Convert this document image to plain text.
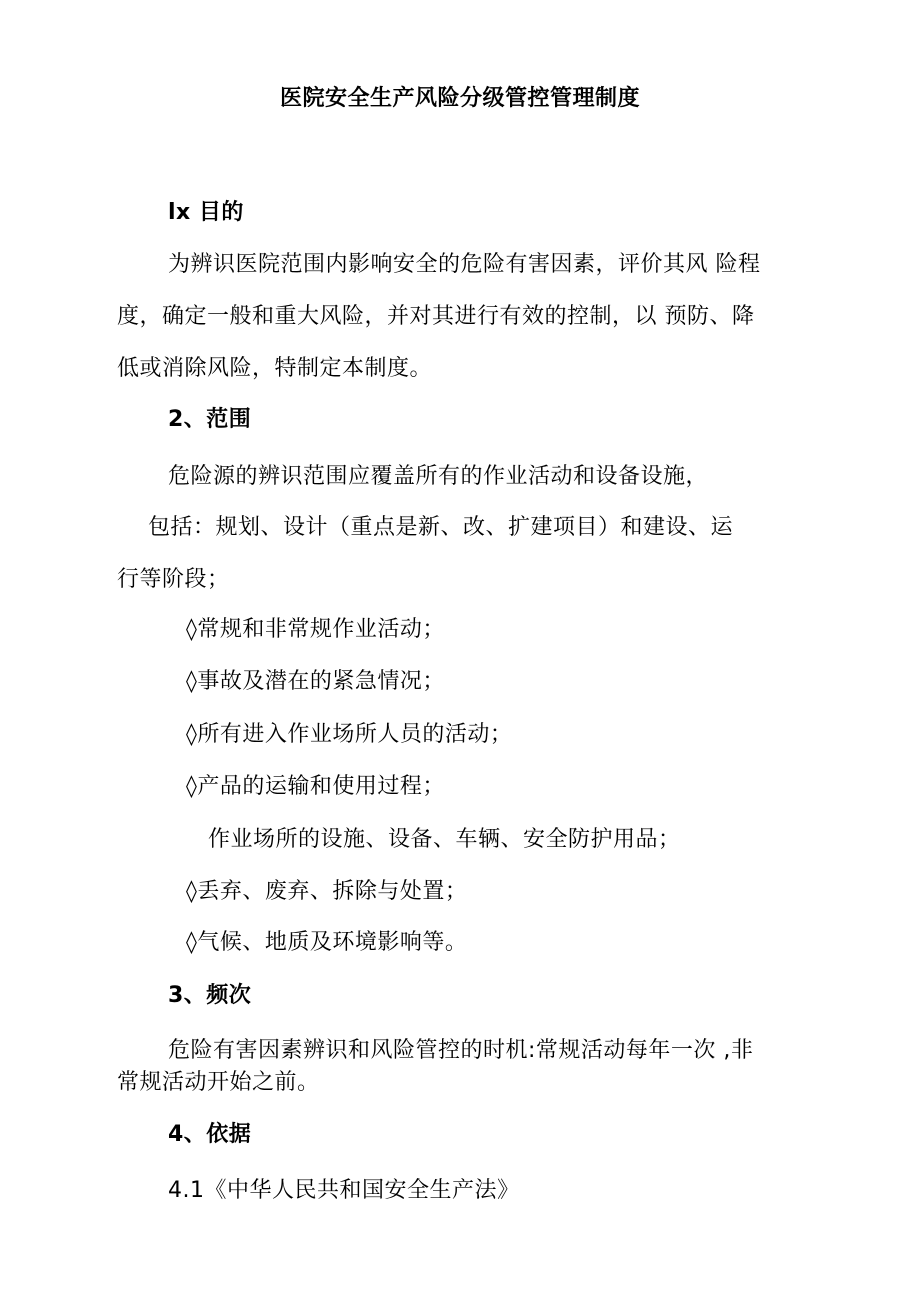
医院安全生产风险分级管控管理制度

lx 目的

为辨识医院范围内影响安全的危险有害因素，评价其风 险程

度，确定一般和重大风险，并对其进行有效的控制，以 预防、降

低或消除风险，特制定本制度。

2、范围

危险源的辨识范围应覆盖所有的作业活动和设备设施，

包括：规划、设计（重点是新、改、扩建项目）和建设、运

行等阶段；

◊常规和非常规作业活动；

◊事故及潜在的紧急情况；

◊所有进入作业场所人员的活动；

◊产品的运输和使用过程；

作业场所的设施、设备、车辆、安全防护用品；

◊丢弃、废弃、拆除与处置；

◊气候、地质及环境影响等。

3、频次

危险有害因素辨识和风险管控的时机:常规活动每年一次 ,非

常规活动开始之前。

4、依据

4.1《中华人民共和国安全生产法》
